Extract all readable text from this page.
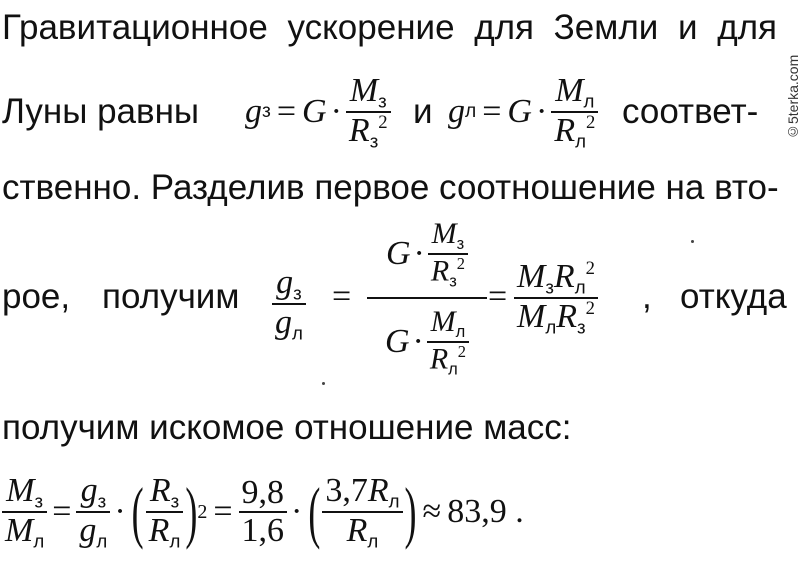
©5terka.com
Гравитационное ускорение для Земли и для
Луны равны g $з = G \cdot \frac{M_з}{R_з^2}$ и g $л = G \cdot \frac{M_л}{R_л^2}$ соответ-
ственно. Разделив первое соотношение на вто-
рое, получим $g_з$
$g_л$
=
$G \cdot \frac{M_з}{R_з^2}$
$G \cdot \frac{M_л}{R_л^2}$
=
$M_зR_л^2$
$M_лR_з^2$ , откуда
получим искомое отношение масс:
$\frac{M_з}{M_л} = \frac{g_з}{g_л}$ · ( $\frac{R_з}{R_л}$ ) $2 = \frac{9,8}{1,6}$ · ( $\frac{3,7R_л}{R_л}$ ) ≈ 83,9 .
